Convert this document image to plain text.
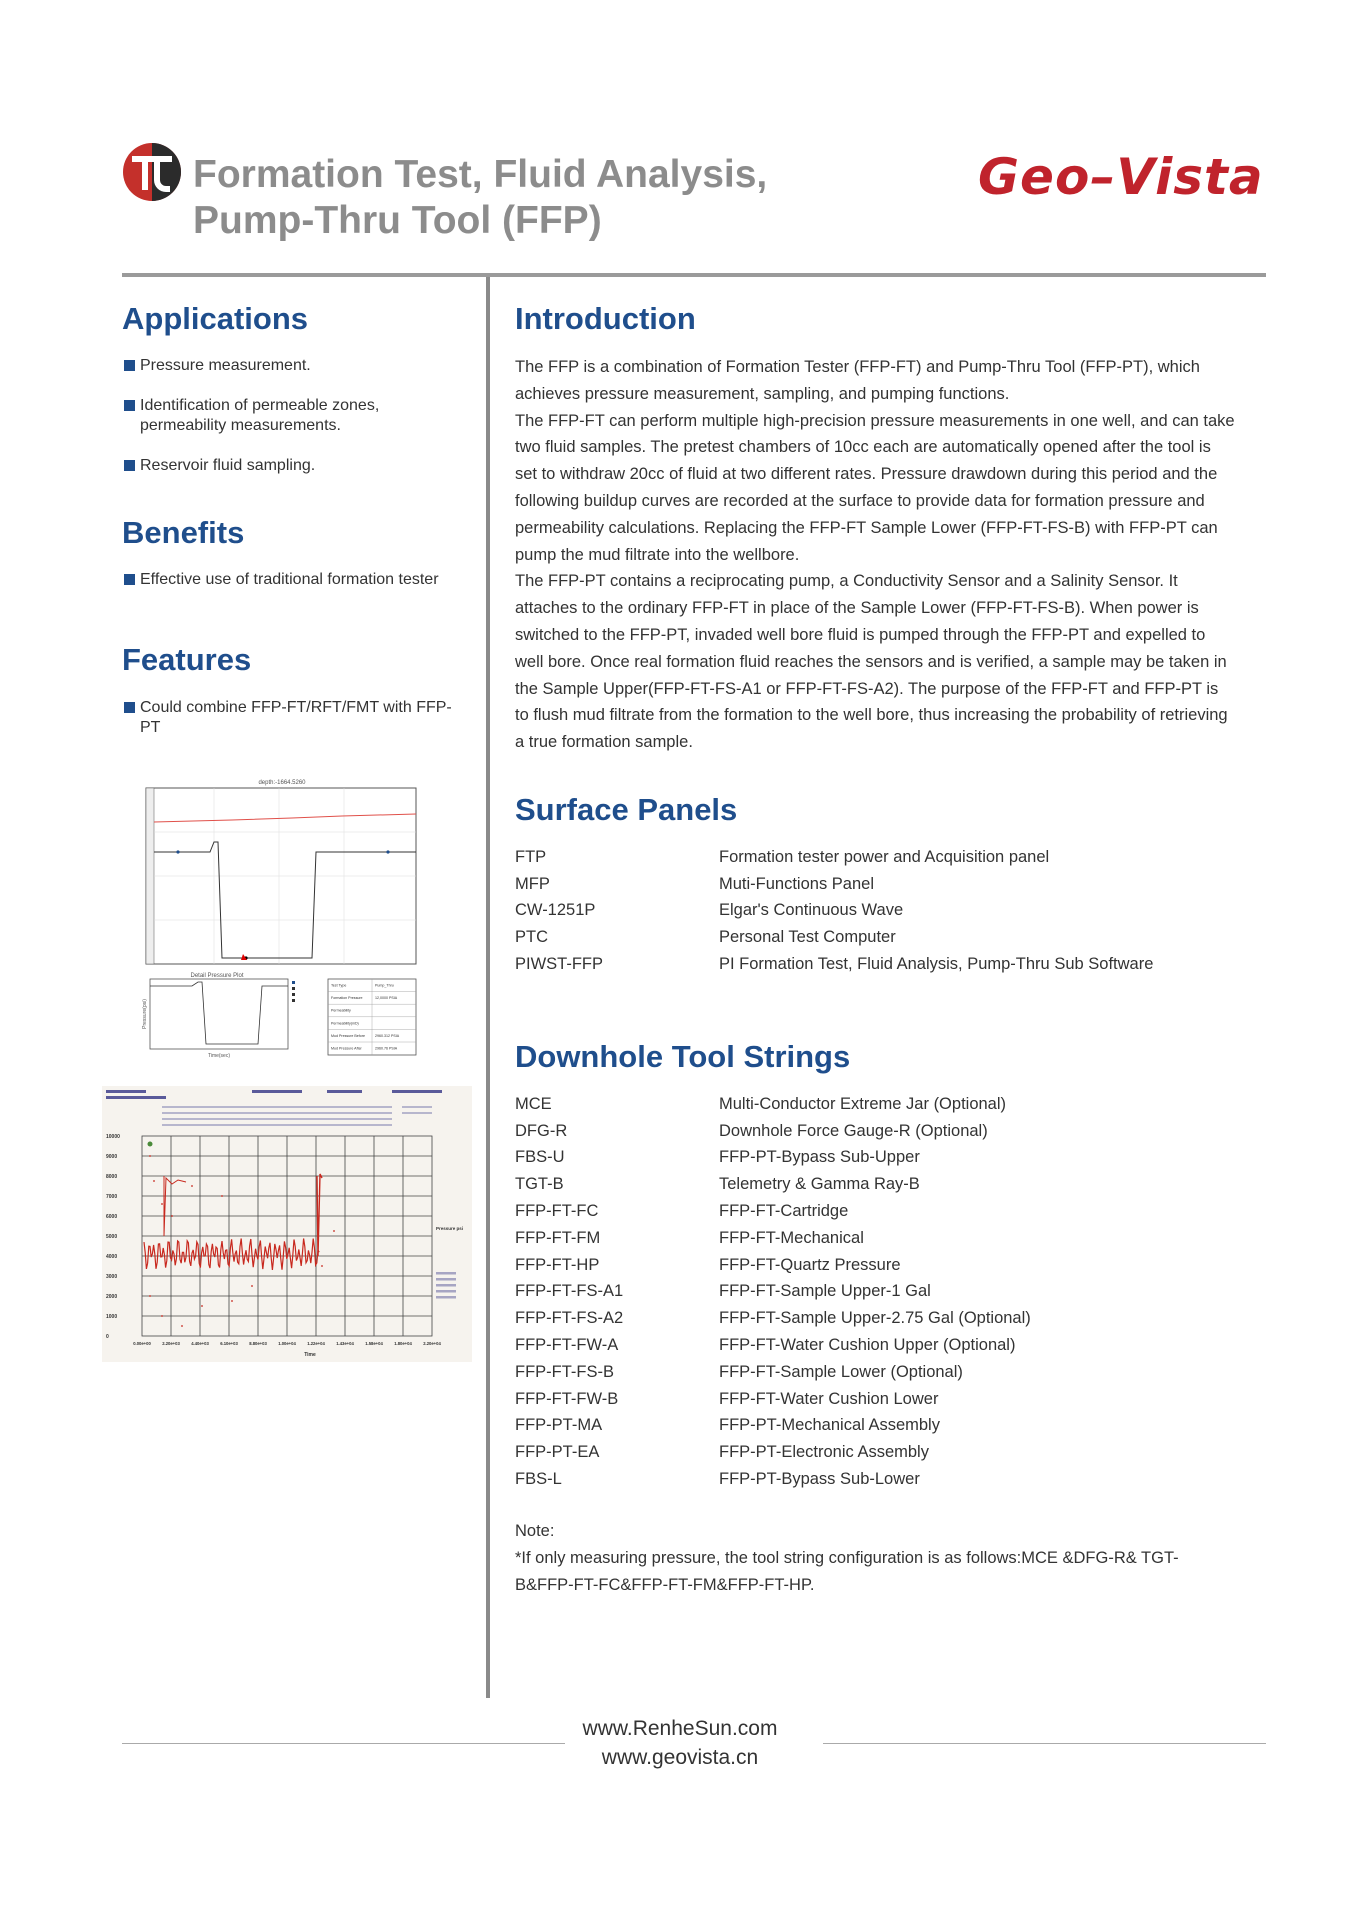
Formation Test, Fluid Analysis,
Pump-Thru Tool (FFP)
Geo–Vista
Applications
Pressure measurement.
Identification of permeable zones, permeability measurements.
Reservoir fluid sampling.
Benefits
Effective use of traditional formation tester
Features
Could combine FFP-FT/RFT/FMT with FFP-PT
depth:-1664.5260
Detail Pressure Plot
Time(sec)
Pressure(psi)
Test Type	Pump_Thru
Formation Pressure	12,0000 PSIA
Permeability
Permeability(mD)
Mud Pressure Before	2960.312 PSIA
Mud Pressure After	2960.76 PSIA
10000
9000
8000
7000
6000
5000
4000
3000
2000
1000
0
0.00e+00	2.20e+03	4.40e+03	6.10e+03	8.80e+03	1.00e+04	1.22e+04	1.43e+04	1.58e+04	1.80e+04	2.20e+04
Time
Pressure psi
Introduction

The FFP is a combination of Formation Tester (FFP-FT) and Pump-Thru Tool (FFP-PT), which achieves pressure measurement, sampling, and pumping functions.

The FFP-FT can perform multiple high-precision pressure measurements in one well, and can take two fluid samples. The pretest chambers of 10cc each are automatically opened after the tool is set to withdraw 20cc of fluid at two different rates. Pressure drawdown during this period and the following buildup curves are recorded at the surface to provide data for formation pressure and permeability calculations. Replacing the FFP-FT Sample Lower (FFP-FT-FS-B) with FFP-PT can pump the mud filtrate into the wellbore.

The FFP-PT contains a reciprocating pump, a Conductivity Sensor and a Salinity Sensor. It attaches to the ordinary FFP-FT in place of the Sample Lower (FFP-FT-FS-B). When power is switched to the FFP-PT, invaded well bore fluid is pumped through the FFP-PT and expelled to well bore. Once real formation fluid reaches the sensors and is verified, a sample may be taken in the Sample Upper(FFP-FT-FS-A1 or FFP-FT-FS-A2). The purpose of the FFP-FT and FFP-PT is to flush mud filtrate from the formation to the well bore, thus increasing the probability of retrieving a true formation sample.

Surface Panels
FTP	Formation tester power and Acquisition panel
MFP	Muti-Functions Panel
CW-1251P	Elgar's Continuous Wave
PTC	Personal Test Computer
PIWST-FFP	PI Formation Test, Fluid Analysis, Pump-Thru Sub Software
Downhole Tool Strings
MCE	Multi-Conductor Extreme Jar (Optional)
DFG-R	Downhole Force Gauge-R (Optional)
FBS-U	FFP-PT-Bypass Sub-Upper
TGT-B	Telemetry & Gamma Ray-B
FFP-FT-FC	FFP-FT-Cartridge
FFP-FT-FM	FFP-FT-Mechanical
FFP-FT-HP	FFP-FT-Quartz Pressure
FFP-FT-FS-A1	FFP-FT-Sample Upper-1 Gal
FFP-FT-FS-A2	FFP-FT-Sample Upper-2.75 Gal (Optional)
FFP-FT-FW-A	FFP-FT-Water Cushion Upper (Optional)
FFP-FT-FS-B	FFP-FT-Sample Lower (Optional)
FFP-FT-FW-B	FFP-FT-Water Cushion Lower
FFP-PT-MA	FFP-PT-Mechanical Assembly
FFP-PT-EA	FFP-PT-Electronic Assembly
FBS-L	FFP-PT-Bypass Sub-Lower

Note:

*If only measuring pressure, the tool string configuration is as follows:MCE &DFG-R& TGT-B&FFP-FT-FC&FFP-FT-FM&FFP-FT-HP.

www.RenheSun.com
www.geovista.cn
